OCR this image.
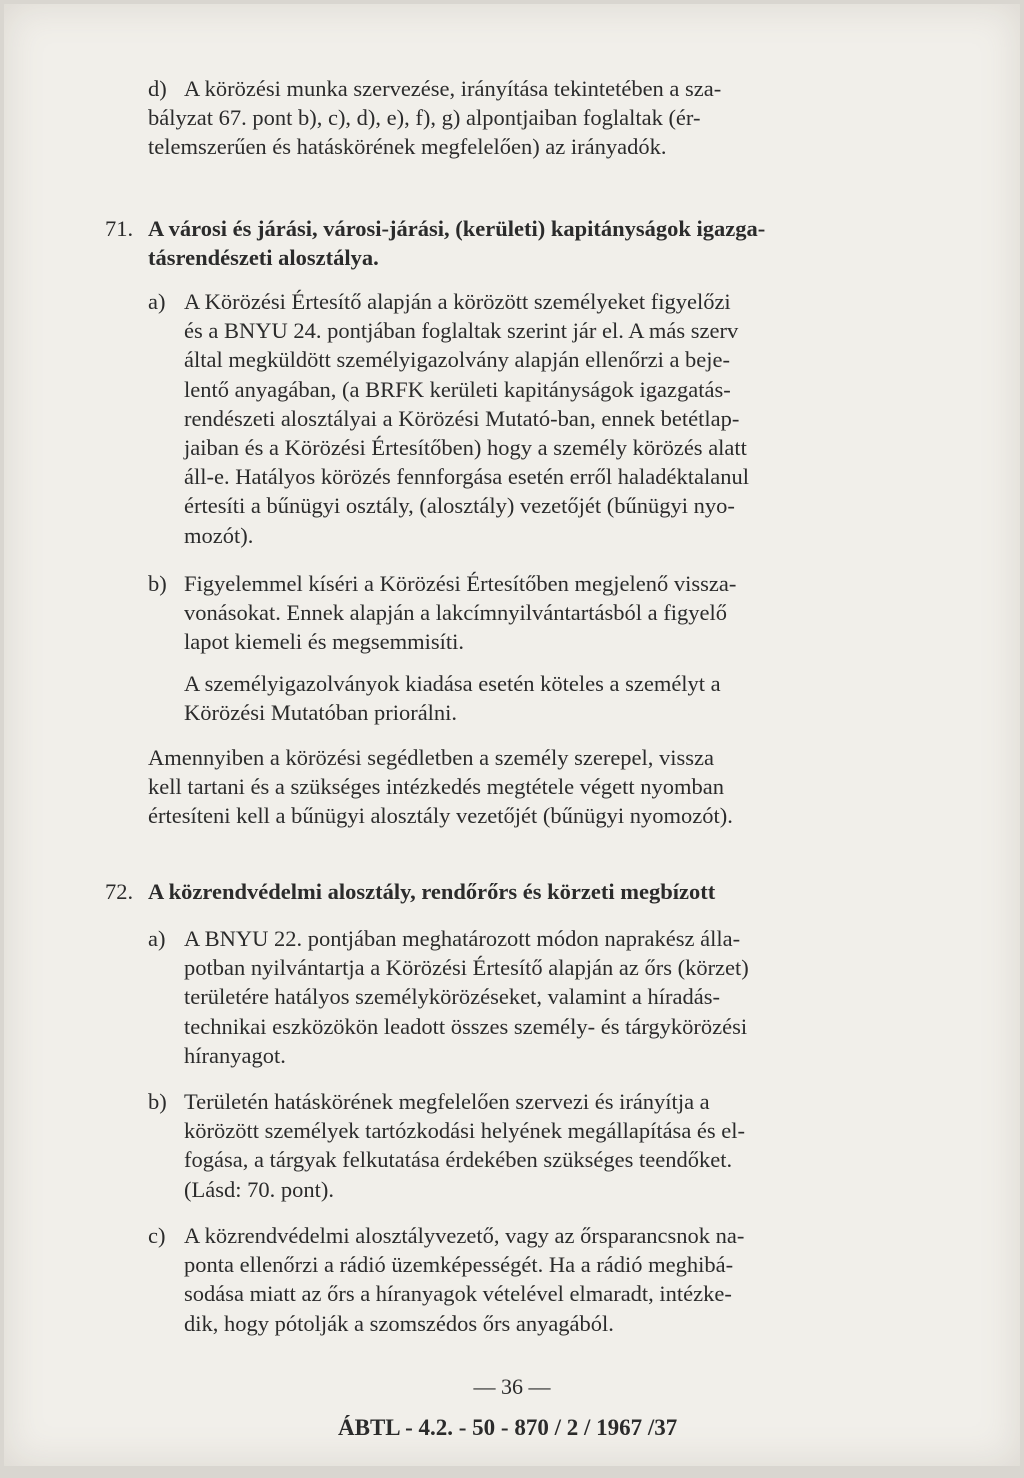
d) A körözési munka szervezése, irányítása tekintetében a sza-
bályzat 67. pont b), c), d), e), f), g) alpontjaiban foglaltak (ér-
telemszerűen és hatáskörének megfelelően) az irányadók.
71. A városi és járási, városi-járási, (kerületi) kapitányságok igazga-
tásrendészeti alosztálya.
a) A Körözési Értesítő alapján a körözött személyeket figyelőzi
és a BNYU 24. pontjában foglaltak szerint jár el. A más szerv
által megküldött személyigazolvány alapján ellenőrzi a beje-
lentő anyagában, (a BRFK kerületi kapitányságok igazgatás-
rendészeti alosztályai a Körözési Mutató-ban, ennek betétlap-
jaiban és a Körözési Értesítőben) hogy a személy körözés alatt
áll-e. Hatályos körözés fennforgása esetén erről haladéktalanul
értesíti a bűnügyi osztály, (alosztály) vezetőjét (bűnügyi nyo-
mozót).
b) Figyelemmel kíséri a Körözési Értesítőben megjelenő vissza-
vonásokat. Ennek alapján a lakcímnyilvántartásból a figyelő
lapot kiemeli és megsemmisíti.
A személyigazolványok kiadása esetén köteles a személyt a
Körözési Mutatóban priorálni.
Amennyiben a körözési segédletben a személy szerepel, vissza
kell tartani és a szükséges intézkedés megtétele végett nyomban
értesíteni kell a bűnügyi alosztály vezetőjét (bűnügyi nyomozót).
72. A közrendvédelmi alosztály, rendőrőrs és körzeti megbízott
a) A BNYU 22. pontjában meghatározott módon naprakész álla-
potban nyilvántartja a Körözési Értesítő alapján az őrs (körzet)
területére hatályos személykörözéseket, valamint a híradás-
technikai eszközökön leadott összes személy- és tárgykörözési
híranyagot.
b) Területén hatáskörének megfelelően szervezi és irányítja a
körözött személyek tartózkodási helyének megállapítása és el-
fogása, a tárgyak felkutatása érdekében szükséges teendőket.
(Lásd: 70. pont).
c) A közrendvédelmi alosztályvezető, vagy az őrsparancsnok na-
ponta ellenőrzi a rádió üzemképességét. Ha a rádió meghibá-
sodása miatt az őrs a híranyagok vételével elmaradt, intézke-
dik, hogy pótolják a szomszédos őrs anyagából.
— 36 —
ÁBTL - 4.2. - 50 - 870 / 2 / 1967 /37
